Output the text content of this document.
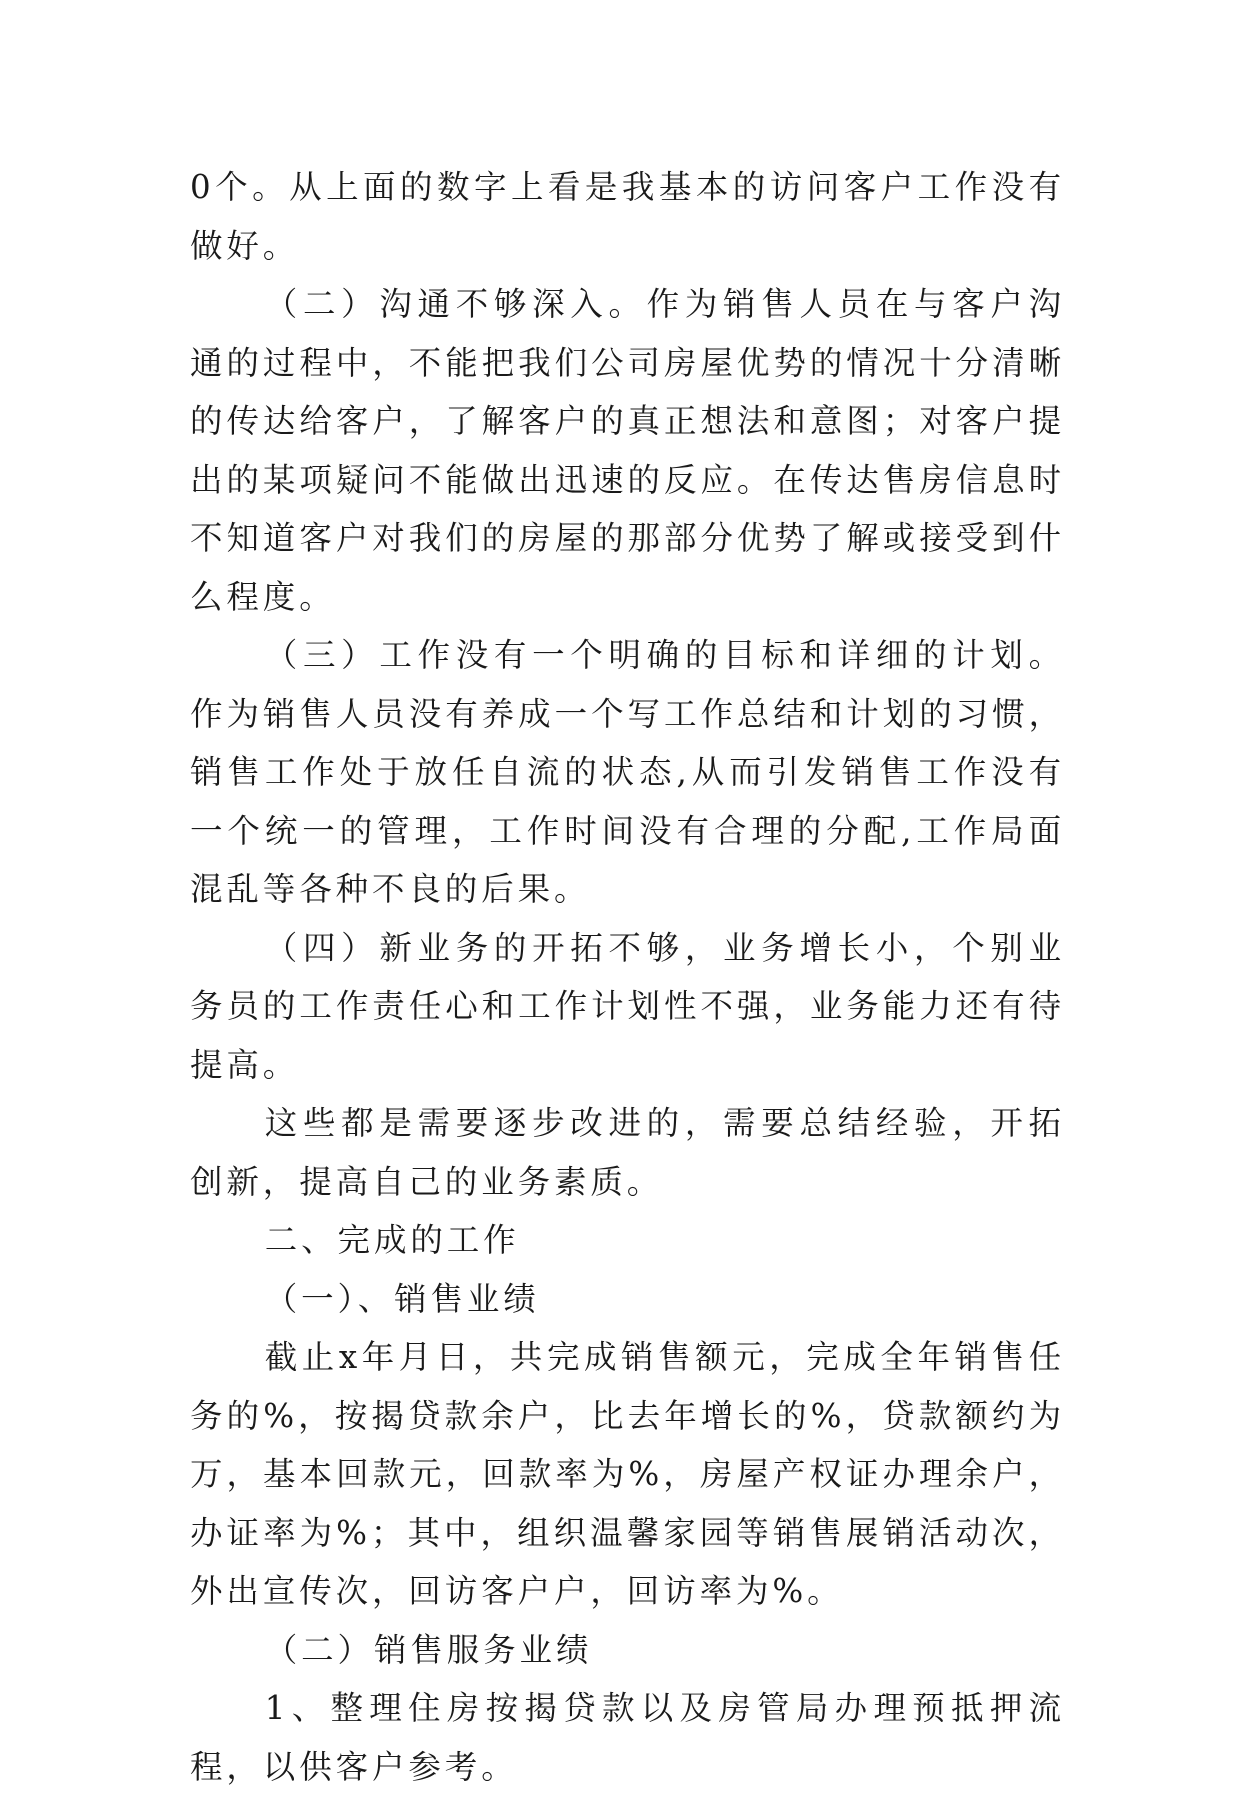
0个。从上面的数字上看是我基本的访问客户工作没有做好。

（二）沟通不够深入。作为销售人员在与客户沟通的过程中，不能把我们公司房屋优势的情况十分清晰的传达给客户，了解客户的真正想法和意图；对客户提出的某项疑问不能做出迅速的反应。在传达售房信息时不知道客户对我们的房屋的那部分优势了解或接受到什么程度。

（三）工作没有一个明确的目标和详细的计划。作为销售人员没有养成一个写工作总结和计划的习惯，销售工作处于放任自流的状态,从而引发销售工作没有一个统一的管理，工作时间没有合理的分配,工作局面混乱等各种不良的后果。

（四）新业务的开拓不够，业务增长小，个别业务员的工作责任心和工作计划性不强，业务能力还有待提高。

这些都是需要逐步改进的，需要总结经验，开拓创新，提高自己的业务素质。

二、完成的工作

（一）、销售业绩

截止x年月日，共完成销售额元，完成全年销售任务的%，按揭贷款余户，比去年增长的%，贷款额约为万，基本回款元，回款率为%，房屋产权证办理余户，办证率为%；其中，组织温馨家园等销售展销活动次，外出宣传次，回访客户户，回访率为%。

（二）销售服务业绩

1、整理住房按揭贷款以及房管局办理预抵押流程，以供客户参考。
